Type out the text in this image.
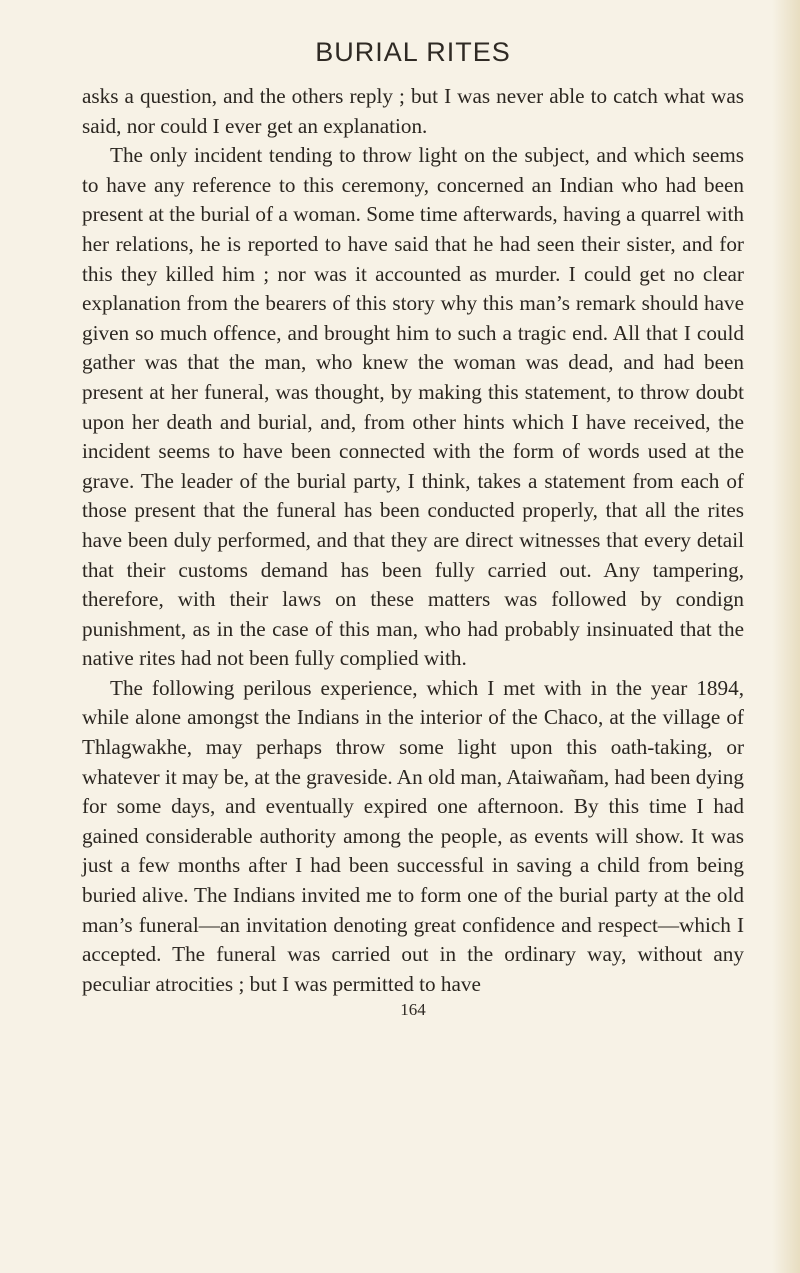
BURIAL RITES

asks a question, and the others reply ; but I was never able to catch what was said, nor could I ever get an explanation.

The only incident tending to throw light on the subject, and which seems to have any reference to this ceremony, concerned an Indian who had been present at the burial of a woman. Some time afterwards, having a quarrel with her relations, he is reported to have said that he had seen their sister, and for this they killed him ; nor was it accounted as murder. I could get no clear explanation from the bearers of this story why this man’s remark should have given so much offence, and brought him to such a tragic end. All that I could gather was that the man, who knew the woman was dead, and had been present at her funeral, was thought, by making this statement, to throw doubt upon her death and burial, and, from other hints which I have received, the incident seems to have been connected with the form of words used at the grave. The leader of the burial party, I think, takes a statement from each of those present that the funeral has been conducted properly, that all the rites have been duly performed, and that they are direct witnesses that every detail that their customs demand has been fully carried out. Any tampering, therefore, with their laws on these matters was followed by condign punishment, as in the case of this man, who had probably insinuated that the native rites had not been fully complied with.

The following perilous experience, which I met with in the year 1894, while alone amongst the Indians in the interior of the Chaco, at the village of Thlagwakhe, may perhaps throw some light upon this oath-taking, or whatever it may be, at the graveside. An old man, Ataiwañam, had been dying for some days, and eventually expired one afternoon. By this time I had gained considerable authority among the people, as events will show. It was just a few months after I had been successful in saving a child from being buried alive. The Indians invited me to form one of the burial party at the old man’s funeral—an invitation denoting great confidence and respect—which I accepted. The funeral was carried out in the ordinary way, without any peculiar atrocities ; but I was permitted to have

164
